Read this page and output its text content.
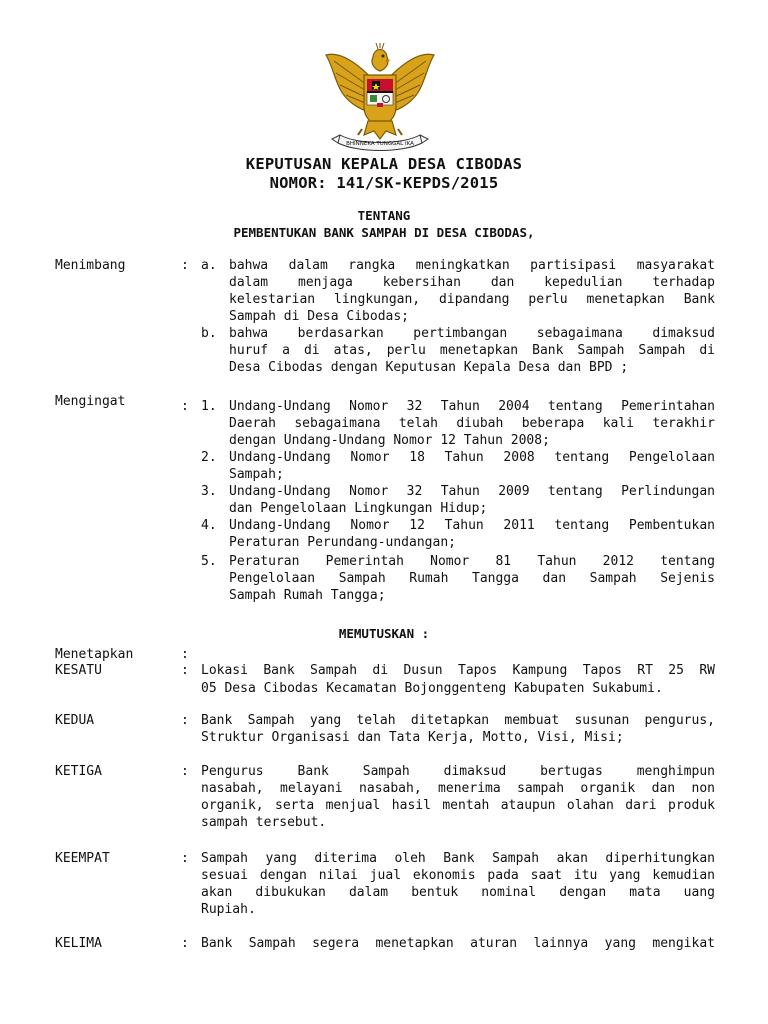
BHINNEKA TUNGGAL IKA
KEPUTUSAN KEPALA DESA CIBODAS
NOMOR: 141/SK-KEPDS/2015
TENTANG
PEMBENTUKAN BANK SAMPAH DI DESA CIBODAS,
Menimbang	: a. bahwa dalam rangka meningkatkan partisipasi masyarakat
dalam menjaga kebersihan dan kepedulian terhadap
kelestarian lingkungan, dipandang perlu menetapkan Bank
Sampah di Desa Cibodas;
b. bahwa berdasarkan pertimbangan sebagaimana dimaksud
huruf a di atas, perlu menetapkan Bank Sampah Sampah di
Desa Cibodas dengan Keputusan Kepala Desa dan BPD ;
Mengingat	: 1. Undang-Undang Nomor 32 Tahun 2004 tentang Pemerintahan
Daerah sebagaimana telah diubah beberapa kali terakhir
dengan Undang-Undang Nomor 12 Tahun 2008;
2. Undang-Undang Nomor 18 Tahun 2008 tentang Pengelolaan
Sampah;
3. Undang-Undang Nomor 32 Tahun 2009 tentang Perlindungan
dan Pengelolaan Lingkungan Hidup;
4. Undang-Undang Nomor 12 Tahun 2011 tentang Pembentukan
Peraturan Perundang-undangan;
5. Peraturan Pemerintah Nomor 81 Tahun 2012 tentang
Pengelolaan Sampah Rumah Tangga dan Sampah Sejenis
Sampah Rumah Tangga;
MEMUTUSKAN :
Menetapkan	:
KESATU	: Lokasi Bank Sampah di Dusun Tapos Kampung Tapos RT 25 RW
05 Desa Cibodas Kecamatan Bojonggenteng Kabupaten Sukabumi.
KEDUA	: Bank Sampah yang telah ditetapkan membuat susunan pengurus,
Struktur Organisasi dan Tata Kerja, Motto, Visi, Misi;
KETIGA	: Pengurus Bank Sampah dimaksud bertugas menghimpun
nasabah, melayani nasabah, menerima sampah organik dan non
organik, serta menjual hasil mentah ataupun olahan dari produk
sampah tersebut.
KEEMPAT	: Sampah yang diterima oleh Bank Sampah akan diperhitungkan
sesuai dengan nilai jual ekonomis pada saat itu yang kemudian
akan dibukukan dalam bentuk nominal dengan mata uang
Rupiah.
KELIMA	: Bank Sampah segera menetapkan aturan lainnya yang mengikat
